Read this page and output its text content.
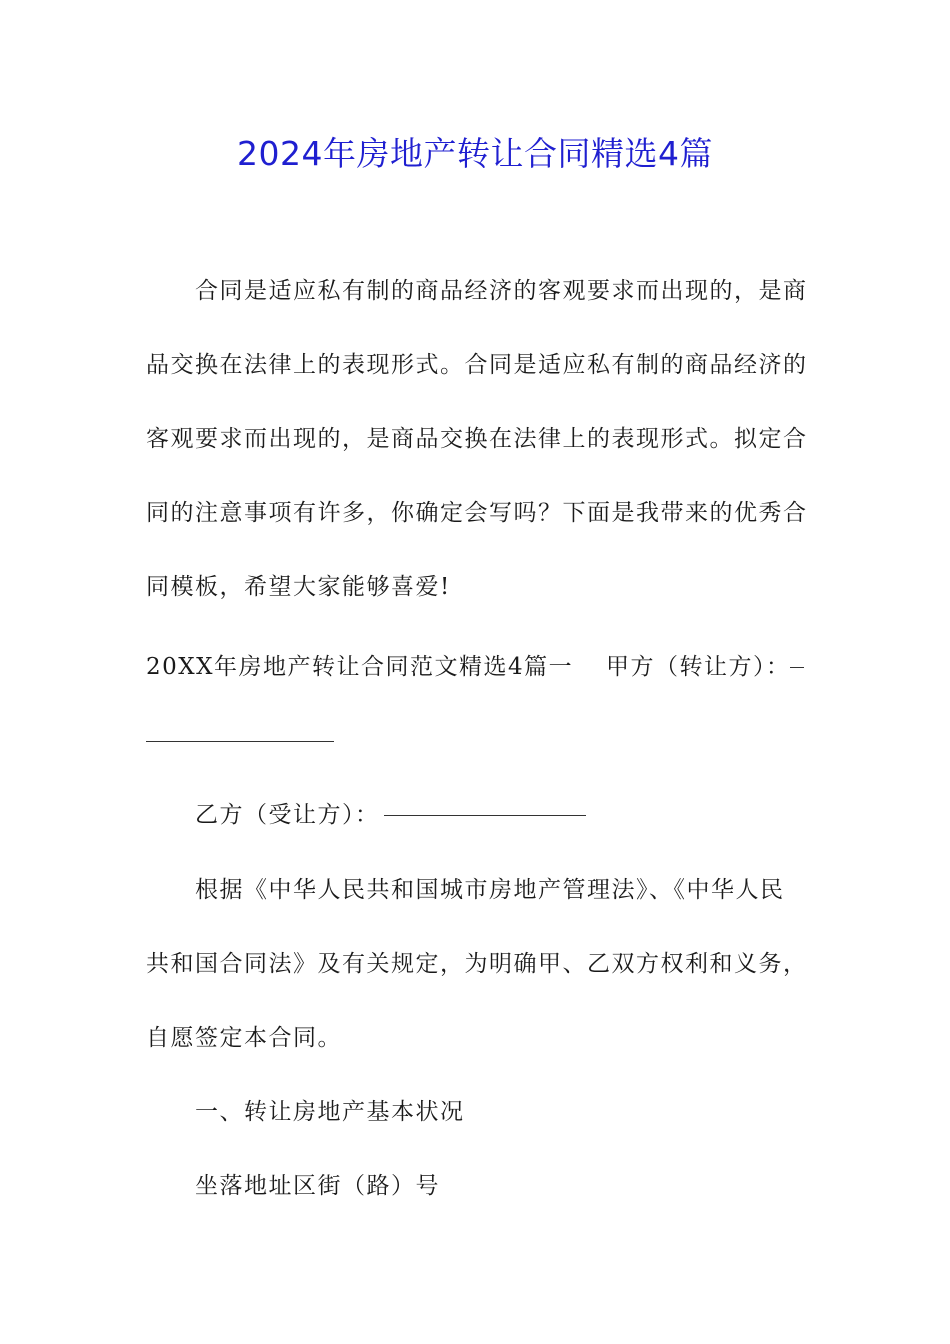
2024年房地产转让合同精选4篇
合同是适应私有制的商品经济的客观要求而出现的，是商
品交换在法律上的表现形式。合同是适应私有制的商品经济的
客观要求而出现的，是商品交换在法律上的表现形式。拟定合
同的注意事项有许多，你确定会写吗？下面是我带来的优秀合
同模板，希望大家能够喜爱!
20XX年房地产转让合同范文精选4篇一 甲方（转让方）：
乙方（受让方）：
根据《中华人民共和国城市房地产管理法》、《中华人民
共和国合同法》及有关规定，为明确甲、乙双方权利和义务，
自愿签定本合同。
一、转让房地产基本状况
坐落地址区街（路）号
